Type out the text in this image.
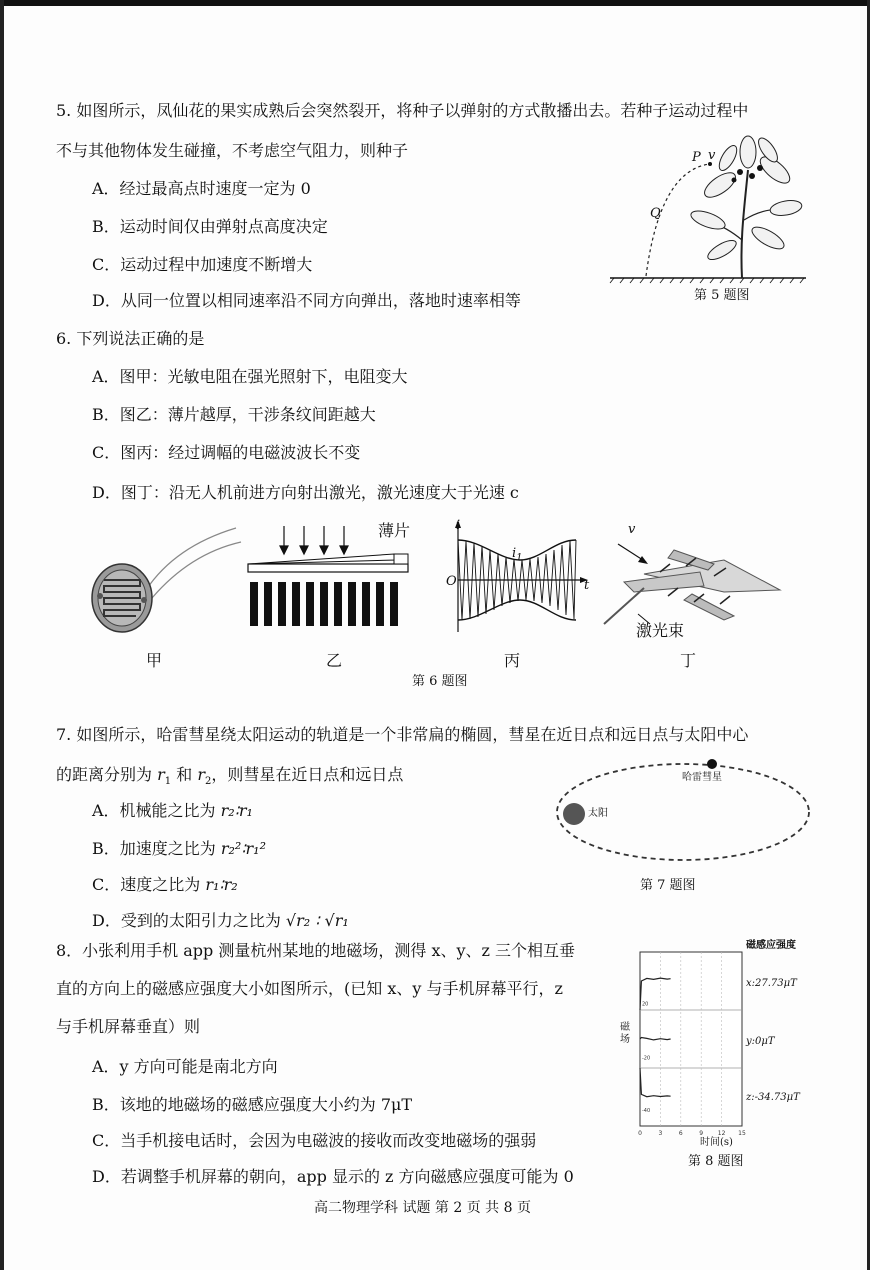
5. 如图所示，凤仙花的果实成熟后会突然裂开，将种子以弹射的方式散播出去。若种子运动过程中
不与其他物体发生碰撞，不考虑空气阻力，则种子
A．经过最高点时速度一定为 0
B．运动时间仅由弹射点高度决定
C．运动过程中加速度不断增大
D．从同一位置以相同速率沿不同方向弹出，落地时速率相等
P v
Q
第 5 题图
6. 下列说法正确的是
A．图甲：光敏电阻在强光照射下，电阻变大
B．图乙：薄片越厚，干涉条纹间距越大
C．图丙：经过调幅的电磁波波长不变
D．图丁：沿无人机前进方向射出激光，激光速度大于光速 c
甲
薄片
乙
i
$i_1$
O	t
丙
v
激光束
丁
第 6 题图
7. 如图所示，哈雷彗星绕太阳运动的轨道是一个非常扁的椭圆，彗星在近日点和远日点与太阳中心
的距离分别为 $r_1$ 和 $r_2$，则彗星在近日点和远日点
A．机械能之比为 r₂∶r₁
B．加速度之比为 r₂²∶r₁²
C．速度之比为 r₁∶r₂
D．受到的太阳引力之比为 √r₂ ∶ √r₁
太阳
哈雷彗星
第 7 题图
8．小张利用手机 app 测量杭州某地的地磁场，测得 x、y、z 三个相互垂
直的方向上的磁感应强度大小如图所示，(已知 x、y 与手机屏幕平行，z
与手机屏幕垂直）则
A．y 方向可能是南北方向
B．该地的地磁场的磁感应强度大小约为 7μT
C．当手机接电话时，会因为电磁波的接收而改变地磁场的强弱
D．若调整手机屏幕的朝向，app 显示的 z 方向磁感应强度可能为 0
0	3	6	9 12 15
20
-20
-40
磁感应强度
磁场
时间(s)
x:27.73μT
y:0μT
z:-34.73μT
第 8 题图
高二物理学科 试题 第 2 页 共 8 页
